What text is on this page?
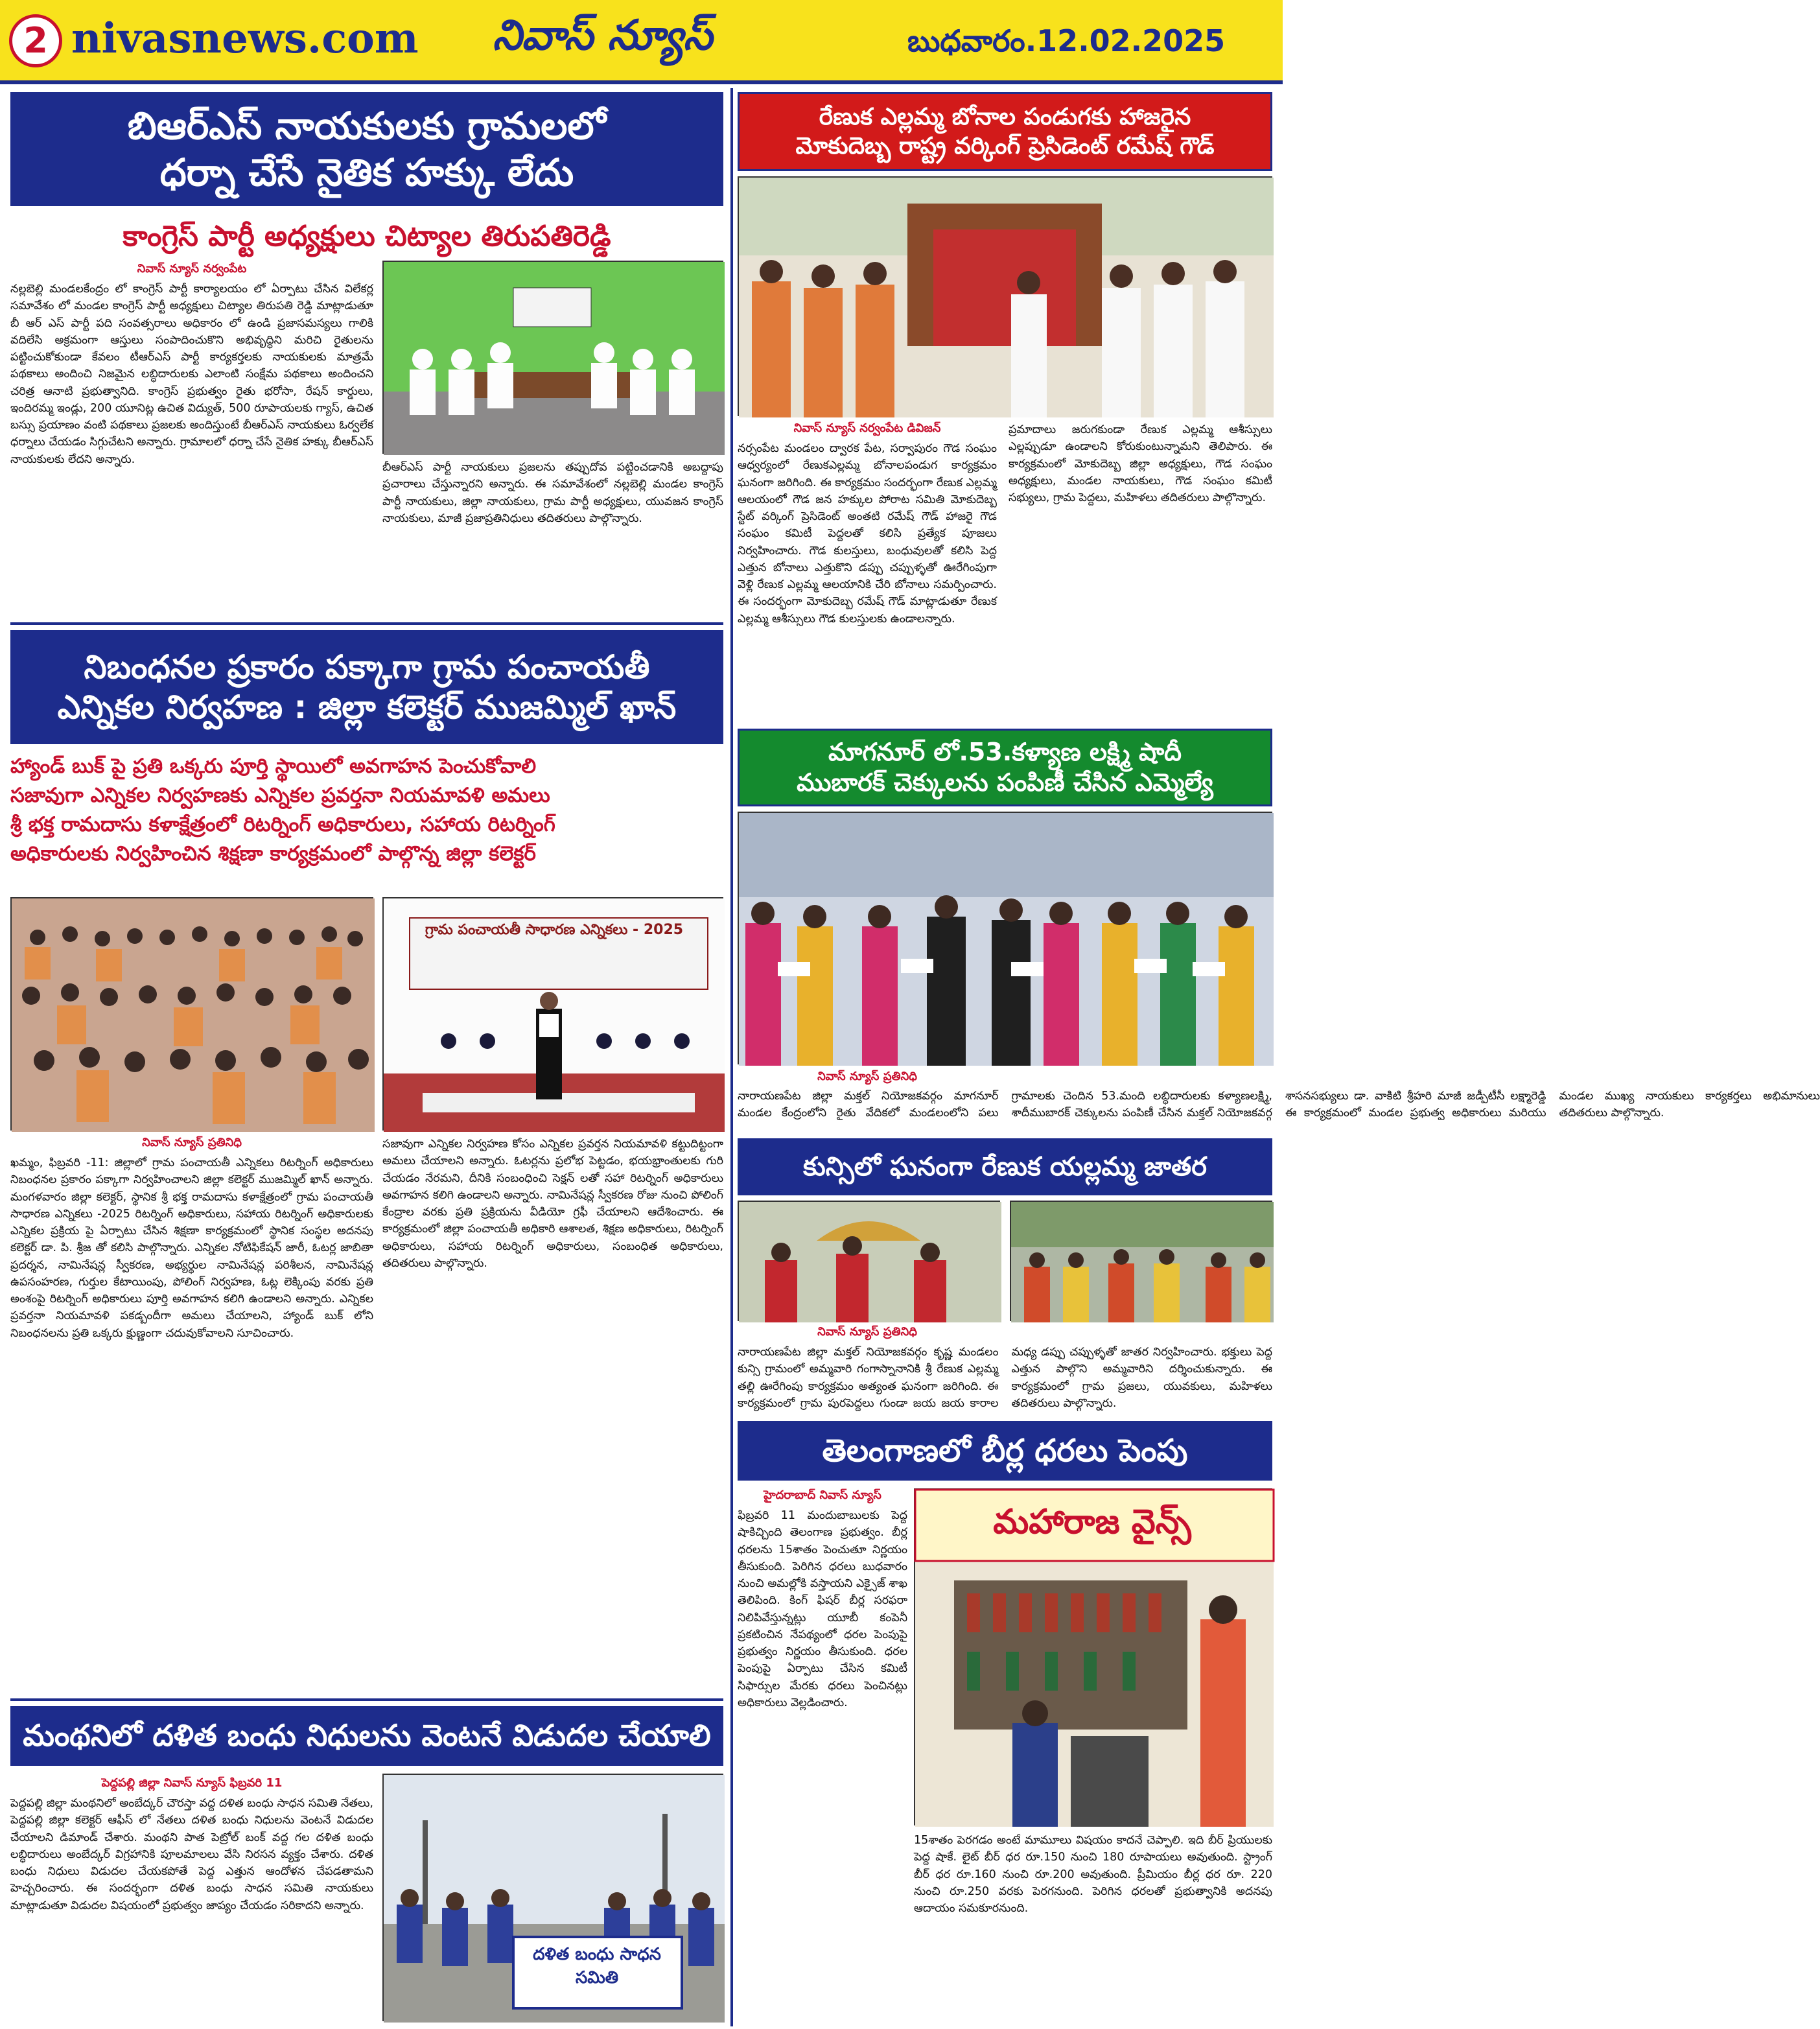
2 nivasnews.com నివాస్ న్యూస్	బుధవారం.12.02.2025
బిఆర్ఎస్ నాయకులకు గ్రామలలో
ధర్నా చేసే నైతిక హక్కు లేదు
కాంగ్రెస్ పార్టీ అధ్యక్షులు చిట్యాల తిరుపతిరెడ్డి
నివాస్ న్యూస్ నర్వంపేట
నల్లబెల్లి మండలకేంద్రం లో కాంగ్రెస్ పార్టీ కార్యాలయం లో ఏర్పాటు చేసిన విలేకర్ల సమావేశం లో మండల కాంగ్రెస్ పార్టీ అధ్యక్షులు చిట్యాల తిరుపతి రెడ్డి మాట్లాడుతూ బీ ఆర్ ఎస్ పార్టీ పది సంవత్సరాలు అధికారం లో ఉండి ప్రజాసమస్యలు గాలికి వదిలేసి అక్రమంగా ఆస్తులు సంపాదించుకొని అభివృద్ధిని మరిచి రైతులను పట్టించుకోకుండా కేవలం టీఆర్ఎస్ పార్టీ కార్యకర్తలకు నాయకులకు మాత్రమే పథకాలు అందించి నిజమైన లబ్ధిదారులకు ఎలాంటి సంక్షేమ పథకాలు అందించని చరిత్ర ఆనాటి ప్రభుత్వానిది. కాంగ్రెస్ ప్రభుత్వం రైతు భరోసా, రేషన్ కార్డులు, ఇందిరమ్మ ఇండ్లు, 200 యూనిట్ల ఉచిత విద్యుత్, 500 రూపాయలకు గ్యాస్, ఉచిత బస్సు ప్రయాణం వంటి పథకాలు ప్రజలకు అందిస్తుంటే బీఆర్ఎస్ నాయకులు ఓర్వలేక ధర్నాలు చేయడం సిగ్గుచేటని అన్నారు. గ్రామాలలో ధర్నా చేసే నైతిక హక్కు బీఆర్ఎస్ నాయకులకు లేదని అన్నారు.
బీఆర్ఎస్ పార్టీ నాయకులు ప్రజలను తప్పుదోవ పట్టించడానికి అబద్దాపు ప్రచారాలు చేస్తున్నారని అన్నారు. ఈ సమావేశంలో నల్లబెల్లి మండల కాంగ్రెస్ పార్టీ నాయకులు, జిల్లా నాయకులు, గ్రామ పార్టీ అధ్యక్షులు, యువజన కాంగ్రెస్ నాయకులు, మాజీ ప్రజాప్రతినిధులు తదితరులు పాల్గొన్నారు.
నిబంధనల ప్రకారం పక్కాగా గ్రామ పంచాయతీ
ఎన్నికల నిర్వహణ : జిల్లా కలెక్టర్ ముజమ్మిల్ ఖాన్
హ్యాండ్ బుక్ పై ప్రతి ఒక్కరు పూర్తి స్థాయిలో అవగాహన పెంచుకోవాలి
సజావుగా ఎన్నికల నిర్వహణకు ఎన్నికల ప్రవర్తనా నియమావళి అమలు
శ్రీ భక్త రామదాసు కళాక్షేత్రంలో రిటర్నింగ్ అధికారులు, సహాయ రిటర్నింగ్
అధికారులకు నిర్వహించిన శిక్షణా కార్యక్రమంలో పాల్గొన్న జిల్లా కలెక్టర్
గ్రామ పంచాయతీ సాధారణ ఎన్నికలు - 2025
నివాస్ న్యూస్ ప్రతినిధి
ఖమ్మం, ఫిబ్రవరి -11: జిల్లాలో గ్రామ పంచాయతీ ఎన్నికలు రిటర్నింగ్ అధికారులు నిబంధనల ప్రకారం పక్కాగా నిర్వహించాలని జిల్లా కలెక్టర్ ముజమ్మిల్ ఖాన్ అన్నారు. మంగళవారం జిల్లా కలెక్టర్, స్థానిక శ్రీ భక్త రామదాసు కళాక్షేత్రంలో గ్రామ పంచాయతీ సాధారణ ఎన్నికలు -2025 రిటర్నింగ్ అధికారులు, సహాయ రిటర్నింగ్ అధికారులకు ఎన్నికల ప్రక్రియ పై ఏర్పాటు చేసిన శిక్షణా కార్యక్రమంలో స్థానిక సంస్థల అదనపు కలెక్టర్ డా. పి. శ్రీజ తో కలిసి పాల్గొన్నారు. ఎన్నికల నోటిఫికేషన్ జారీ, ఓటర్ల జాబితా ప్రదర్శన, నామినేషన్ల స్వీకరణ, అభ్యర్థుల నామినేషన్ల పరిశీలన, నామినేషన్ల ఉపసంహరణ, గుర్తుల కేటాయింపు, పోలింగ్ నిర్వహణ, ఓట్ల లెక్కింపు వరకు ప్రతి అంశంపై రిటర్నింగ్ అధికారులు పూర్తి అవగాహన కలిగి ఉండాలని అన్నారు. ఎన్నికల ప్రవర్తనా నియమావళి పకడ్బందీగా అమలు చేయాలని, హ్యాండ్ బుక్ లోని నిబంధనలను ప్రతి ఒక్కరు క్షుణ్ణంగా చదువుకోవాలని సూచించారు.
సజావుగా ఎన్నికల నిర్వహణ కోసం ఎన్నికల ప్రవర్తన నియమావళి కట్టుదిట్టంగా అమలు చేయాలని అన్నారు. ఓటర్లను ప్రలోభ పెట్టడం, భయభ్రాంతులకు గురి చేయడం నేరమని, దీనికి సంబంధించి సెక్షన్ లతో సహా రిటర్నింగ్ అధికారులు అవగాహన కలిగి ఉండాలని అన్నారు. నామినేషన్ల స్వీకరణ రోజు నుంచి పోలింగ్ కేంద్రాల వరకు ప్రతి ప్రక్రియను వీడియో గ్రఫీ చేయాలని ఆదేశించారు. ఈ కార్యక్రమంలో జిల్లా పంచాయతీ అధికారి ఆశాలత, శిక్షణ అధికారులు, రిటర్నింగ్ అధికారులు, సహాయ రిటర్నింగ్ అధికారులు, సంబంధిత అధికారులు, తదితరులు పాల్గొన్నారు.
మంథనిలో దళిత బంధు నిధులను వెంటనే విడుదల చేయాలి
పెద్దపల్లి జిల్లా నివాస్ న్యూస్ ఫిబ్రవరి 11
పెద్దపల్లి జిల్లా మంథనిలో అంబేద్కర్ చౌరస్తా వద్ద దళిత బంధు సాధన సమితి నేతలు, పెద్దపల్లి జిల్లా కలెక్టర్ ఆఫీస్ లో నేతలు దళిత బంధు నిధులను వెంటనే విడుదల చేయాలని డిమాండ్ చేశారు. మంథని పాత పెట్రోల్ బంక్ వద్ద గల దళిత బంధు లబ్ధిదారులు అంబేద్కర్ విగ్రహానికి పూలమాలలు వేసి నిరసన వ్యక్తం చేశారు. దళిత బంధు నిధులు విడుదల చేయకపోతే పెద్ద ఎత్తున ఆందోళన చేపడతామని హెచ్చరించారు. ఈ సందర్భంగా దళిత బంధు సాధన సమితి నాయకులు మాట్లాడుతూ విడుదల విషయంలో ప్రభుత్వం జాప్యం చేయడం సరికాదని అన్నారు.
దళిత బంధు సాధన సమితి
రేణుక ఎల్లమ్మ బోనాల పండుగకు హాజరైన
మోకుదెబ్బ రాష్ట్ర వర్కింగ్ ప్రెసిడెంట్ రమేష్ గౌడ్
నివాస్ న్యూస్ నర్వంపేట డివిజన్
నర్సంపేట మండలం ద్వారక పేట, సర్వాపురం గౌడ సంఘం ఆధ్వర్యంలో రేణుకఎల్లమ్మ బోనాలపండుగ కార్యక్రమం ఘనంగా జరిగింది. ఈ కార్యక్రమం సందర్భంగా రేణుక ఎల్లమ్మ ఆలయంలో గౌడ జన హక్కుల పోరాట సమితి మోకుదెబ్బ స్టేట్ వర్కింగ్ ప్రెసిడెంట్ అంతటి రమేష్ గౌడ్ హాజరై గౌడ సంఘం కమిటీ పెద్దలతో కలిసి ప్రత్యేక పూజలు నిర్వహించారు. గౌడ కులస్తులు, బంధువులతో కలిసి పెద్ద ఎత్తున బోనాలు ఎత్తుకొని డప్పు చప్పుళ్ళతో ఊరేగింపుగా వెళ్లి రేణుక ఎల్లమ్మ ఆలయానికి చేరి బోనాలు సమర్పించారు. ఈ సందర్భంగా మోకుదెబ్బ రమేష్ గౌడ్ మాట్లాడుతూ రేణుక ఎల్లమ్మ ఆశీస్సులు గౌడ కులస్తులకు ఉండాలన్నారు.
ప్రమాదాలు జరుగకుండా రేణుక ఎల్లమ్మ ఆశీస్సులు ఎల్లప్పుడూ ఉండాలని కోరుకుంటున్నామని తెలిపారు. ఈ కార్యక్రమంలో మోకుదెబ్బ జిల్లా అధ్యక్షులు, గౌడ సంఘం అధ్యక్షులు, మండల నాయకులు, గౌడ సంఘం కమిటీ సభ్యులు, గ్రామ పెద్దలు, మహిళలు తదితరులు పాల్గొన్నారు.
మాగనూర్ లో.53.కళ్యాణ లక్ష్మి షాదీ
ముబారక్ చెక్కులను పంపిణీ చేసిన ఎమ్మెల్యే
నివాస్ న్యూస్ ప్రతినిధి
నారాయణపేట జిల్లా మక్తల్ నియోజకవర్గం మాగనూర్ మండల కేంద్రంలోని రైతు వేదికలో మండలంలోని పలు గ్రామాలకు చెందిన 53.మంది లబ్ధిదారులకు కళ్యాణలక్ష్మి, శాదీముబారక్ చెక్కులను పంపిణీ చేసిన మక్తల్ నియోజకవర్గ శాసనసభ్యులు డా. వాకిటి శ్రీహరి మాజీ జడ్పీటీసీ లక్ష్మారెడ్డి ఈ కార్యక్రమంలో మండల ప్రభుత్వ అధికారులు మరియు మండల ముఖ్య నాయకులు కార్యకర్తలు అభిమానులు తదితరులు పాల్గొన్నారు.
కున్సిలో ఘనంగా రేణుక యల్లమ్మ జాతర
నివాస్ న్యూస్ ప్రతినిధి
నారాయణపేట జిల్లా మక్తల్ నియోజకవర్గం కృష్ణ మండలం కున్సి గ్రామంలో అమ్మవారి గంగాస్నానానికి శ్రీ రేణుక ఎల్లమ్మ తల్లి ఊరేగింపు కార్యక్రమం అత్యంత ఘనంగా జరిగింది. ఈ కార్యక్రమంలో గ్రామ పురపెద్దలు గుండా జయ జయ కారాల మధ్య డప్పు చప్పుళ్ళతో జాతర నిర్వహించారు. భక్తులు పెద్ద ఎత్తున పాల్గొని అమ్మవారిని దర్శించుకున్నారు. ఈ కార్యక్రమంలో గ్రామ ప్రజలు, యువకులు, మహిళలు తదితరులు పాల్గొన్నారు.
తెలంగాణలో బీర్ల ధరలు పెంపు
హైదరాబాద్ నివాస్ న్యూస్
ఫిబ్రవరి 11 మందుబాబులకు పెద్ద షాకిచ్చింది తెలంగాణ ప్రభుత్వం. బీర్ల ధరలను 15శాతం పెంచుతూ నిర్ణయం తీసుకుంది. పెరిగిన ధరలు బుధవారం నుంచి అమల్లోకి వస్తాయని ఎక్సైజ్ శాఖ తెలిపింది. కింగ్ ఫిషర్ బీర్ల సరఫరా నిలిపివేస్తున్నట్లు యూబీ కంపెనీ ప్రకటించిన నేపథ్యంలో ధరల పెంపుపై ప్రభుత్వం నిర్ణయం తీసుకుంది. ధరల పెంపుపై ఏర్పాటు చేసిన కమిటీ సిఫార్సుల మేరకు ధరలు పెంచినట్లు అధికారులు వెల్లడించారు.
మహారాజ వైన్స్
15శాతం పెరగడం అంటే మామూలు విషయం కాదనే చెప్పాలి. ఇది బీర్ ప్రియులకు పెద్ద షాకే. లైట్ బీర్ ధర రూ.150 నుంచి 180 రూపాయలు అవుతుంది. స్ట్రాంగ్ బీర్ ధర రూ.160 నుంచి రూ.200 అవుతుంది. ప్రీమియం బీర్ల ధర రూ. 220 నుంచి రూ.250 వరకు పెరగనుంది. పెరిగిన ధరలతో ప్రభుత్వానికి అదనపు ఆదాయం సమకూరనుంది.
